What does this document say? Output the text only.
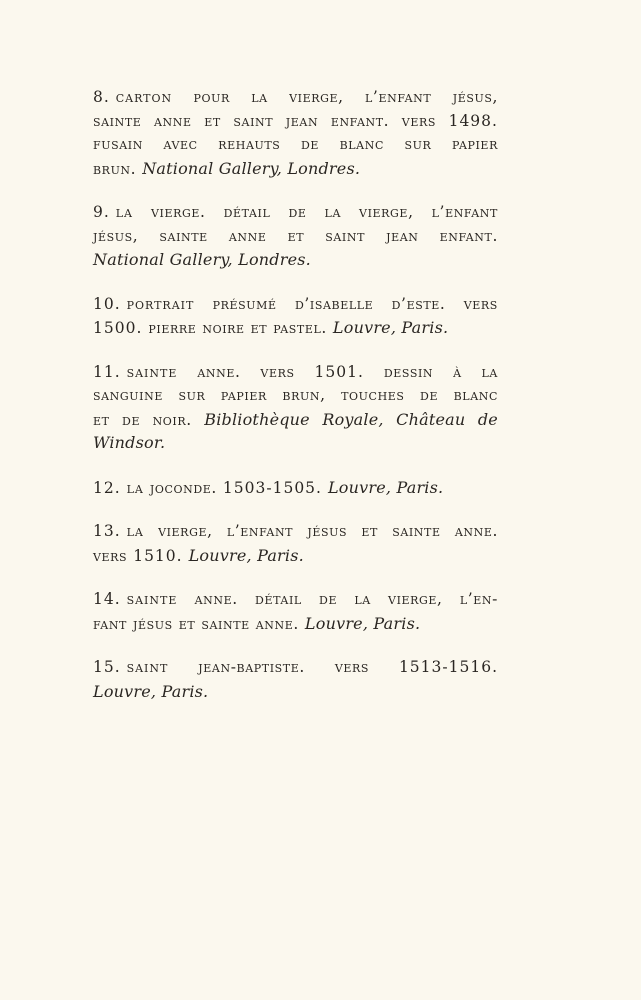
8. carton pour la vierge, l’enfant jésus,
sainte anne et saint jean enfant. vers 1498.
fusain avec rehauts de blanc sur papier
brun. National Gallery, Londres.
9. la vierge. détail de la vierge, l’enfant
jésus, sainte anne et saint jean enfant.
National Gallery, Londres.
10. portrait présumé d’isabelle d’este. vers
1500. pierre noire et pastel. Louvre, Paris.
11. sainte anne. vers 1501. dessin à la
sanguine sur papier brun, touches de blanc
et de noir. Bibliothèque Royale, Château de
Windsor.
12. la joconde. 1503-1505. Louvre, Paris.
13. la vierge, l’enfant jésus et sainte anne.
vers 1510. Louvre, Paris.
14. sainte anne. détail de la vierge, l’en-
fant jésus et sainte anne. Louvre, Paris.
15. saint jean-baptiste. vers 1513-1516.
Louvre, Paris.
